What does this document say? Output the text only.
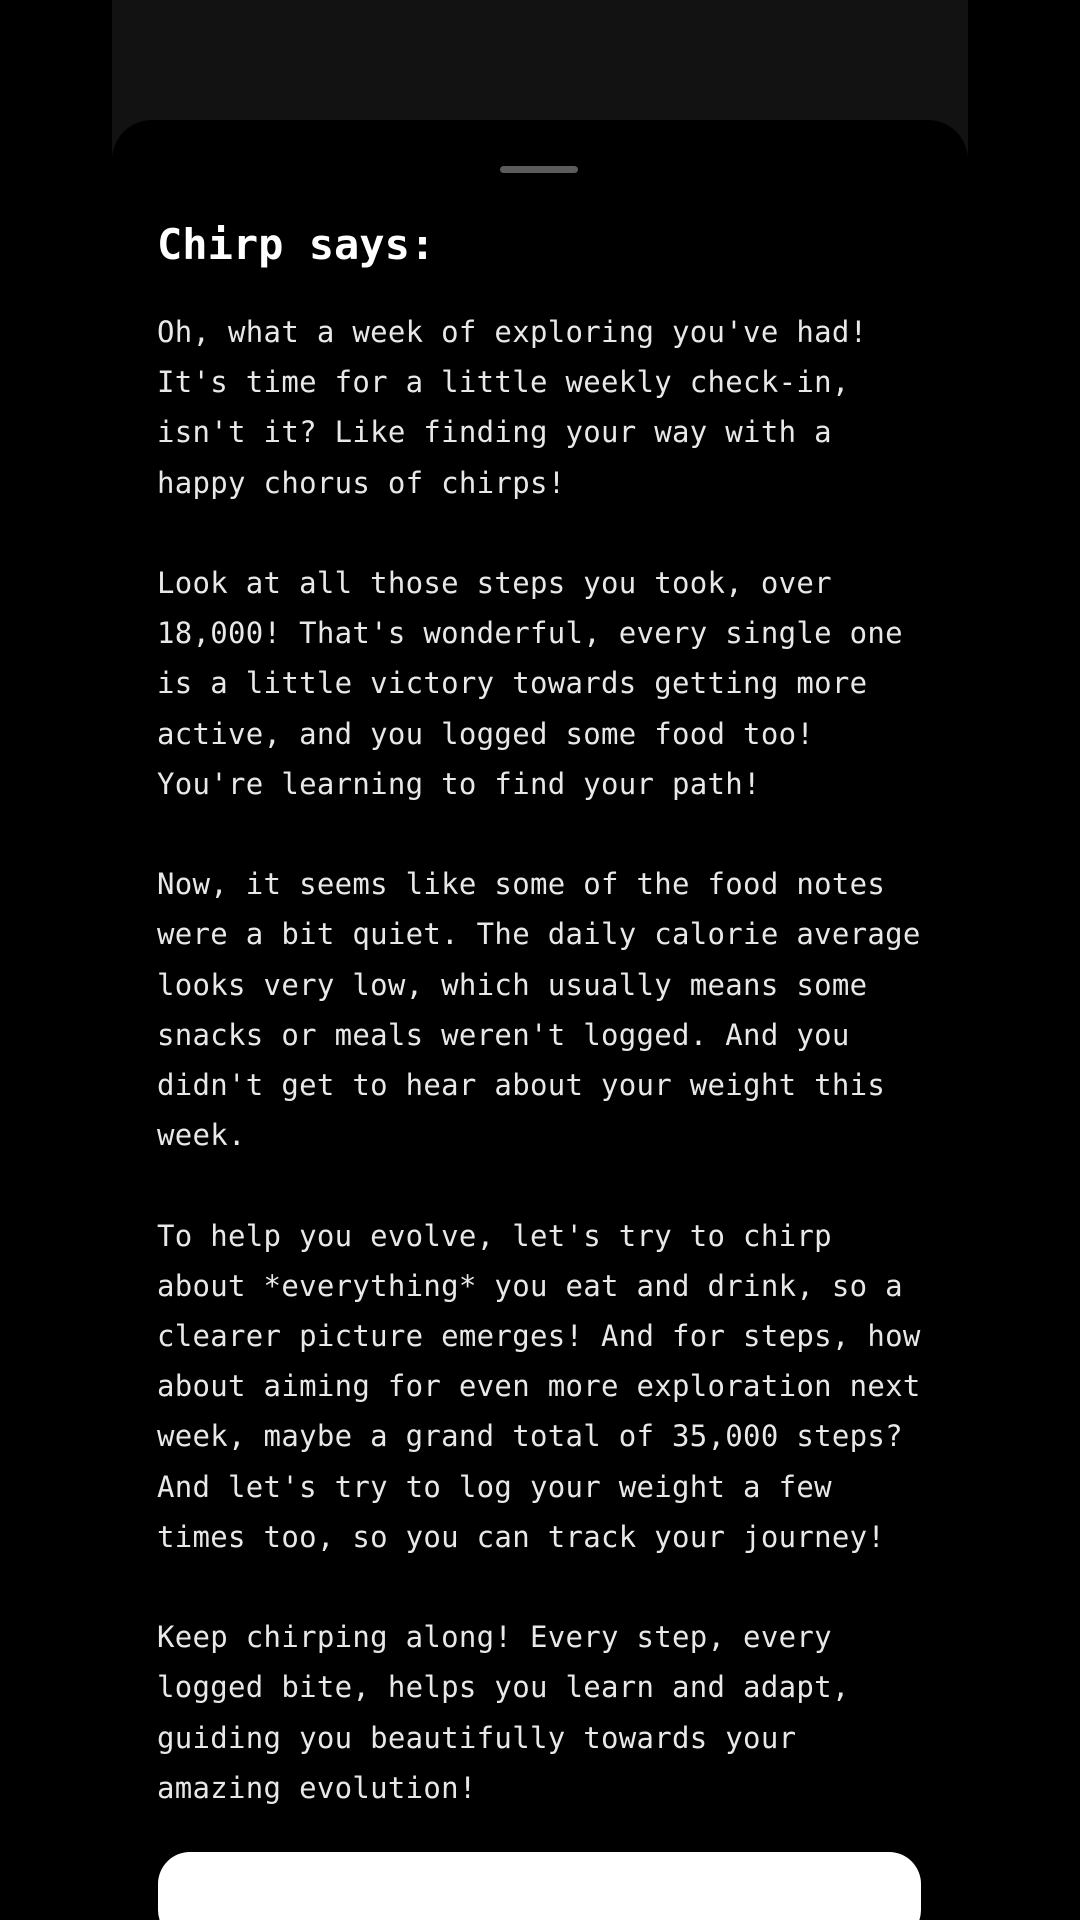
Chirp says:

Oh, what a week of exploring you've had! It's time for a little weekly check-in, isn't it? Like finding your way with a happy chorus of chirps!

Look at all those steps you took, over 18,000! That's wonderful, every single one is a little victory towards getting more active, and you logged some food too! You're learning to find your path!

Now, it seems like some of the food notes were a bit quiet. The daily calorie average looks very low, which usually means some snacks or meals weren't logged. And you didn't get to hear about your weight this week.

To help you evolve, let's try to chirp about *everything* you eat and drink, so a clearer picture emerges! And for steps, how about aiming for even more exploration next week, maybe a grand total of 35,000 steps? And let's try to log your weight a few times too, so you can track your journey!

Keep chirping along! Every step, every logged bite, helps you learn and adapt, guiding you beautifully towards your amazing evolution!
